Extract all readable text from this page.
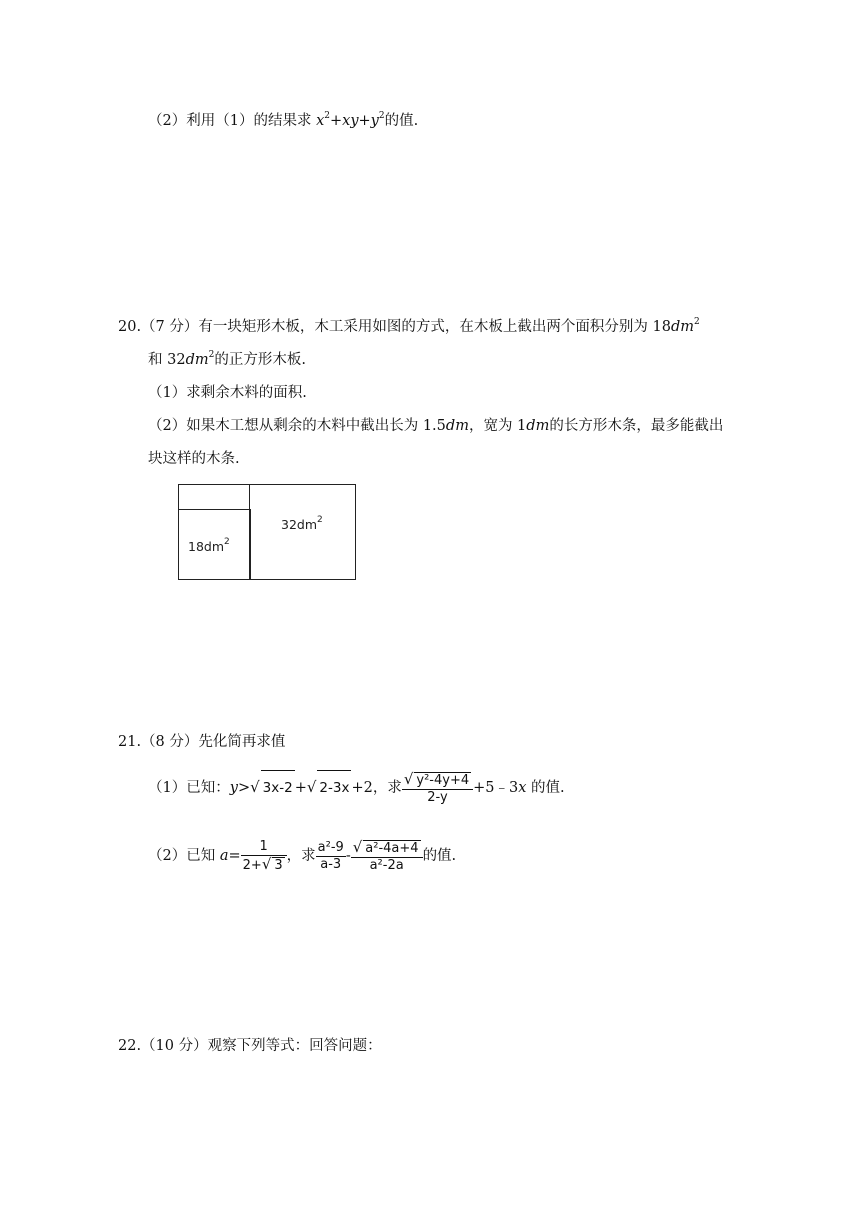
（2）利用（1）的结果求 $x^2+xy+y^2$的值.
20.（7 分）有一块矩形木板，木工采用如图的方式，在木板上截出两个面积分别为 $18dm^2$
和 $32dm^2$的正方形木板.
（1）求剩余木料的面积.
（2）如果木工想从剩余的木料中截出长为 1.5dm，宽为 1dm的长方形木条，最多能截出
块这样的木条.
$18dm^2$
$32dm^2$
21.（8 分）先化简再求值
（1）已知：y>√ 3x-2 +√ 2-3x +2，求 $\frac{\text{√ y²-4y+4}}{2-y}$ +5﹣3x 的值.
（2）已知 $a= \frac{1}{2+√ 3}$ ，求 $\frac{\text{a²-9}}{a-3} - \frac{\text{√ a²-4a+4}}{\text{a²-2a}}$ 的值.
22.（10 分）观察下列等式：回答问题：
